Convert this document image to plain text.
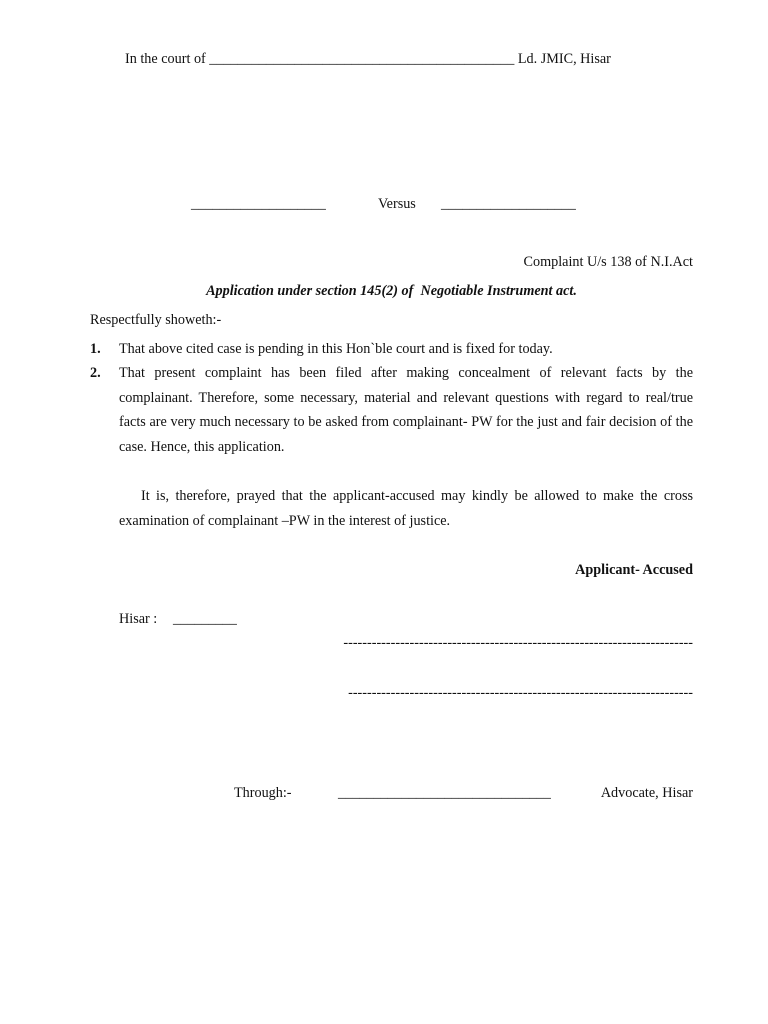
In the court of ___________________________________________ Ld. JMIC, Hisar
___________________	Versus ___________________
Complaint U/s 138 of N.I.Act
Application under section 145(2) of  Negotiable Instrument act.
Respectfully showeth:-
1. That above cited case is pending in this Hon`ble court and is fixed for today.
2. That present complaint has been filed after making concealment of relevant facts by the complainant. Therefore, some necessary, material and relevant questions with regard to real/true facts are very much necessary to be asked from complainant- PW for the just and fair decision of the case. Hence, this application.
It is, therefore, prayed that the applicant-accused may kindly be allowed to make the cross examination of complainant –PW in the interest of justice.
Applicant- Accused
Hisar : _________
--------------------------------------------------------------------------
-------------------------------------------------------------------------
Through:-	______________________________	Advocate, Hisar
